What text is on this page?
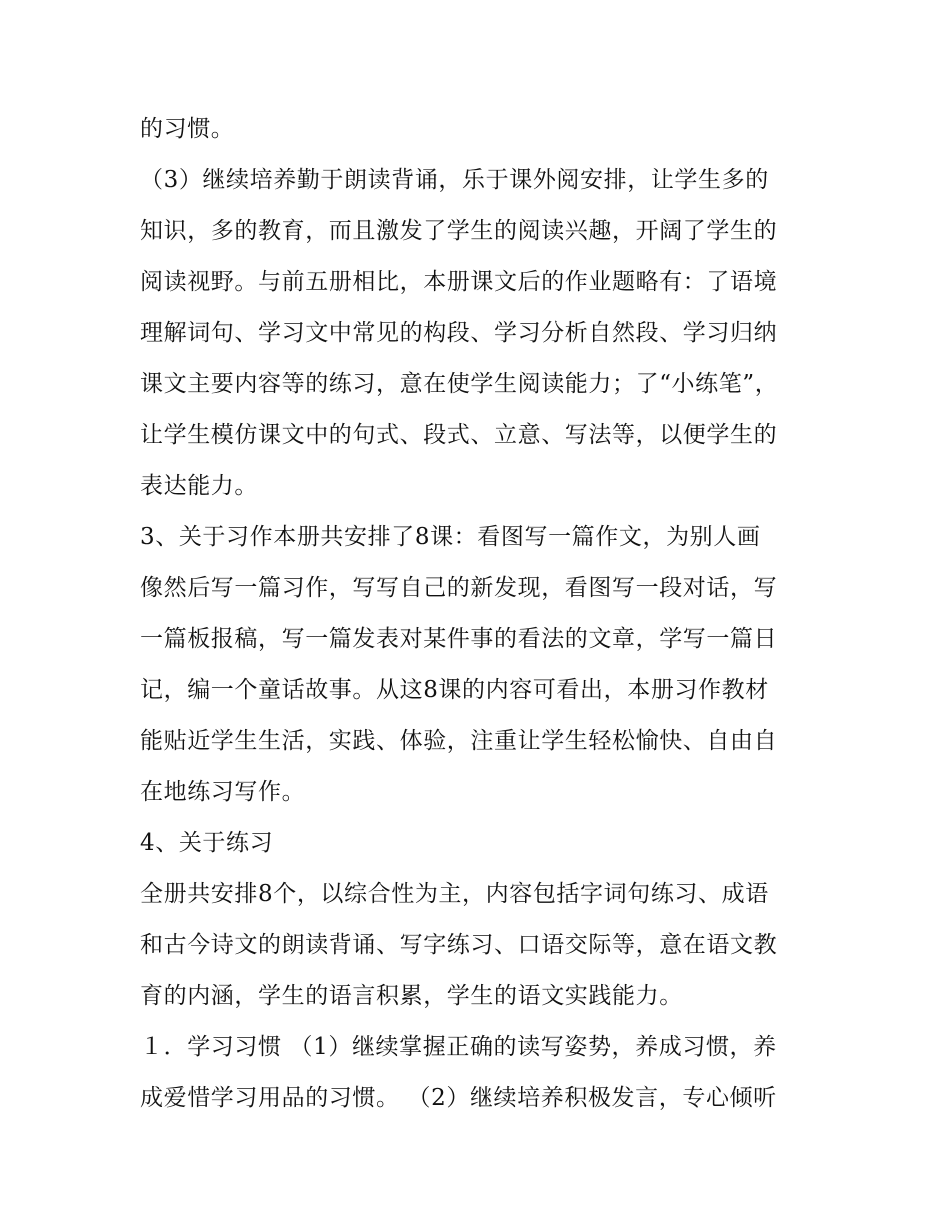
的习惯。
（3）继续培养勤于朗读背诵，乐于课外阅安排，让学生多的
知识，多的教育，而且激发了学生的阅读兴趣，开阔了学生的
阅读视野。与前五册相比，本册课文后的作业题略有：了语境
理解词句、学习文中常见的构段、学习分析自然段、学习归纳
课文主要内容等的练习，意在使学生阅读能力；了“小练笔”，
让学生模仿课文中的句式、段式、立意、写法等，以便学生的
表达能力。
3、关于习作本册共安排了8课：看图写一篇作文，为别人画
像然后写一篇习作，写写自己的新发现，看图写一段对话，写
一篇板报稿，写一篇发表对某件事的看法的文章，学写一篇日
记，编一个童话故事。从这8课的内容可看出，本册习作教材
能贴近学生生活，实践、体验，注重让学生轻松愉快、自由自
在地练习写作。
4、关于练习
全册共安排8个，以综合性为主，内容包括字词句练习、成语
和古今诗文的朗读背诵、写字练习、口语交际等，意在语文教
育的内涵，学生的语言积累，学生的语文实践能力。
１．学习习惯 （1）继续掌握正确的读写姿势，养成习惯，养
成爱惜学习用品的习惯。 （2）继续培养积极发言，专心倾听
